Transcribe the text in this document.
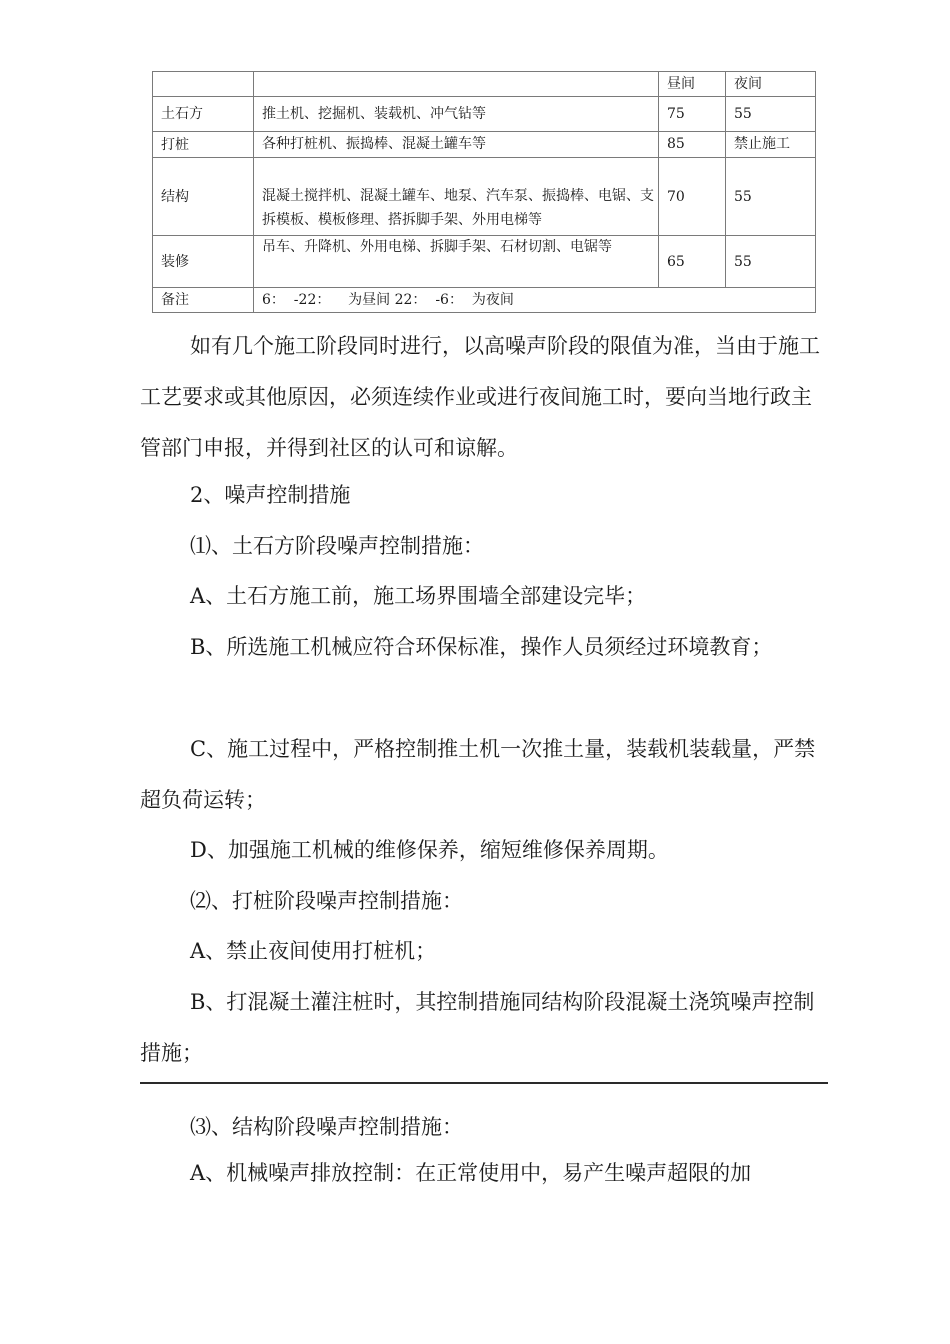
		昼间	夜间
土石方	推土机、挖掘机、装载机、冲气钻等	75	55
打桩	各种打桩机、振捣棒、混凝土罐车等	85	禁止施工
结构	混凝土搅拌机、混凝土罐车、地泵、汽车泵、振捣棒、电锯、支拆模板、模板修理、搭拆脚手架、外用电梯等	70	55
装修	吊车、升降机、外用电梯、拆脚手架、石材切割、电锯等	65	55
备注	6：  -22：    为昼间 22：  -6：  为夜间		

如有几个施工阶段同时进行，以高噪声阶段的限值为准，当由于施工工艺要求或其他原因，必须连续作业或进行夜间施工时，要向当地行政主管部门申报，并得到社区的认可和谅解。

2、噪声控制措施

⑴、土石方阶段噪声控制措施：

A、土石方施工前，施工场界围墙全部建设完毕；

B、所选施工机械应符合环保标准，操作人员须经过环境教育；

C、施工过程中，严格控制推土机一次推土量，装载机装载量，严禁超负荷运转；

D、加强施工机械的维修保养，缩短维修保养周期。

⑵、打桩阶段噪声控制措施：

A、禁止夜间使用打桩机；

B、打混凝土灌注桩时，其控制措施同结构阶段混凝土浇筑噪声控制措施；

⑶、结构阶段噪声控制措施：

A、机械噪声排放控制：在正常使用中，易产生噪声超限的加
